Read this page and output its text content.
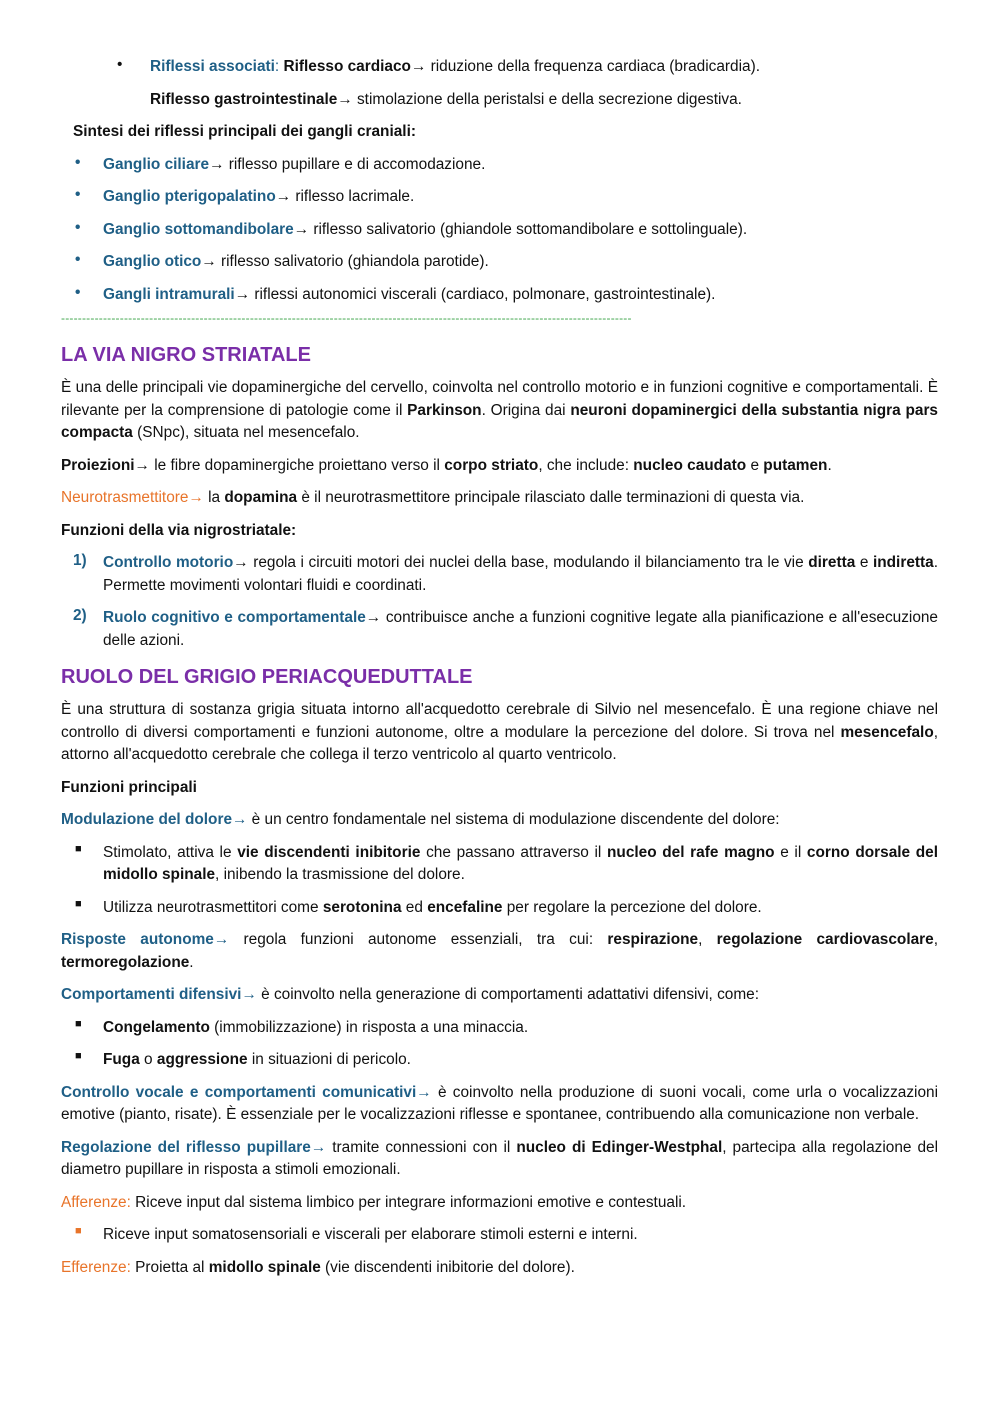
• Riflessi associati: Riflesso cardiaco→ riduzione della frequenza cardiaca (bradicardia).

Riflesso gastrointestinale→ stimolazione della peristalsi e della secrezione digestiva.

Sintesi dei riflessi principali dei gangli craniali:

• Ganglio ciliare→ riflesso pupillare e di accomodazione.

• Ganglio pterigopalatino→ riflesso lacrimale.

• Ganglio sottomandibolare→ riflesso salivatorio (ghiandole sottomandibolare e sottolinguale).

• Ganglio otico→ riflesso salivatorio (ghiandola parotide).

• Gangli intramurali→ riflessi autonomici viscerali (cardiaco, polmonare, gastrointestinale).

----------------------------------------------------------------------------------------------------------------------------------------
LA VIA NIGRO STRIATALE

È una delle principali vie dopaminergiche del cervello, coinvolta nel controllo motorio e in funzioni cognitive e comportamentali. È rilevante per la comprensione di patologie come il Parkinson. Origina dai neuroni dopaminergici della substantia nigra pars compacta (SNpc), situata nel mesencefalo.

Proiezioni→ le fibre dopaminergiche proiettano verso il corpo striato, che include: nucleo caudato e putamen.

Neurotrasmettitore→ la dopamina è il neurotrasmettitore principale rilasciato dalle terminazioni di questa via.

Funzioni della via nigrostriatale:

1) Controllo motorio→ regola i circuiti motori dei nuclei della base, modulando il bilanciamento tra le vie diretta e indiretta. Permette movimenti volontari fluidi e coordinati.

2) Ruolo cognitivo e comportamentale→ contribuisce anche a funzioni cognitive legate alla pianificazione e all'esecuzione delle azioni.

RUOLO DEL GRIGIO PERIACQUEDUTTALE

È una struttura di sostanza grigia situata intorno all'acquedotto cerebrale di Silvio nel mesencefalo. È una regione chiave nel controllo di diversi comportamenti e funzioni autonome, oltre a modulare la percezione del dolore. Si trova nel mesencefalo, attorno all'acquedotto cerebrale che collega il terzo ventricolo al quarto ventricolo.

Funzioni principali

Modulazione del dolore→ è un centro fondamentale nel sistema di modulazione discendente del dolore:

■ Stimolato, attiva le vie discendenti inibitorie che passano attraverso il nucleo del rafe magno e il corno dorsale del midollo spinale, inibendo la trasmissione del dolore.

■ Utilizza neurotrasmettitori come serotonina ed encefaline per regolare la percezione del dolore.

Risposte autonome→ regola funzioni autonome essenziali, tra cui: respirazione, regolazione cardiovascolare, termoregolazione.

Comportamenti difensivi→ è coinvolto nella generazione di comportamenti adattativi difensivi, come:

■ Congelamento (immobilizzazione) in risposta a una minaccia.

■ Fuga o aggressione in situazioni di pericolo.

Controllo vocale e comportamenti comunicativi→ è coinvolto nella produzione di suoni vocali, come urla o vocalizzazioni emotive (pianto, risate). È essenziale per le vocalizzazioni riflesse e spontanee, contribuendo alla comunicazione non verbale.

Regolazione del riflesso pupillare→ tramite connessioni con il nucleo di Edinger-Westphal, partecipa alla regolazione del diametro pupillare in risposta a stimoli emozionali.

Afferenze: Riceve input dal sistema limbico per integrare informazioni emotive e contestuali.

■ Riceve input somatosensoriali e viscerali per elaborare stimoli esterni e interni.

Efferenze: Proietta al midollo spinale (vie discendenti inibitorie del dolore).
